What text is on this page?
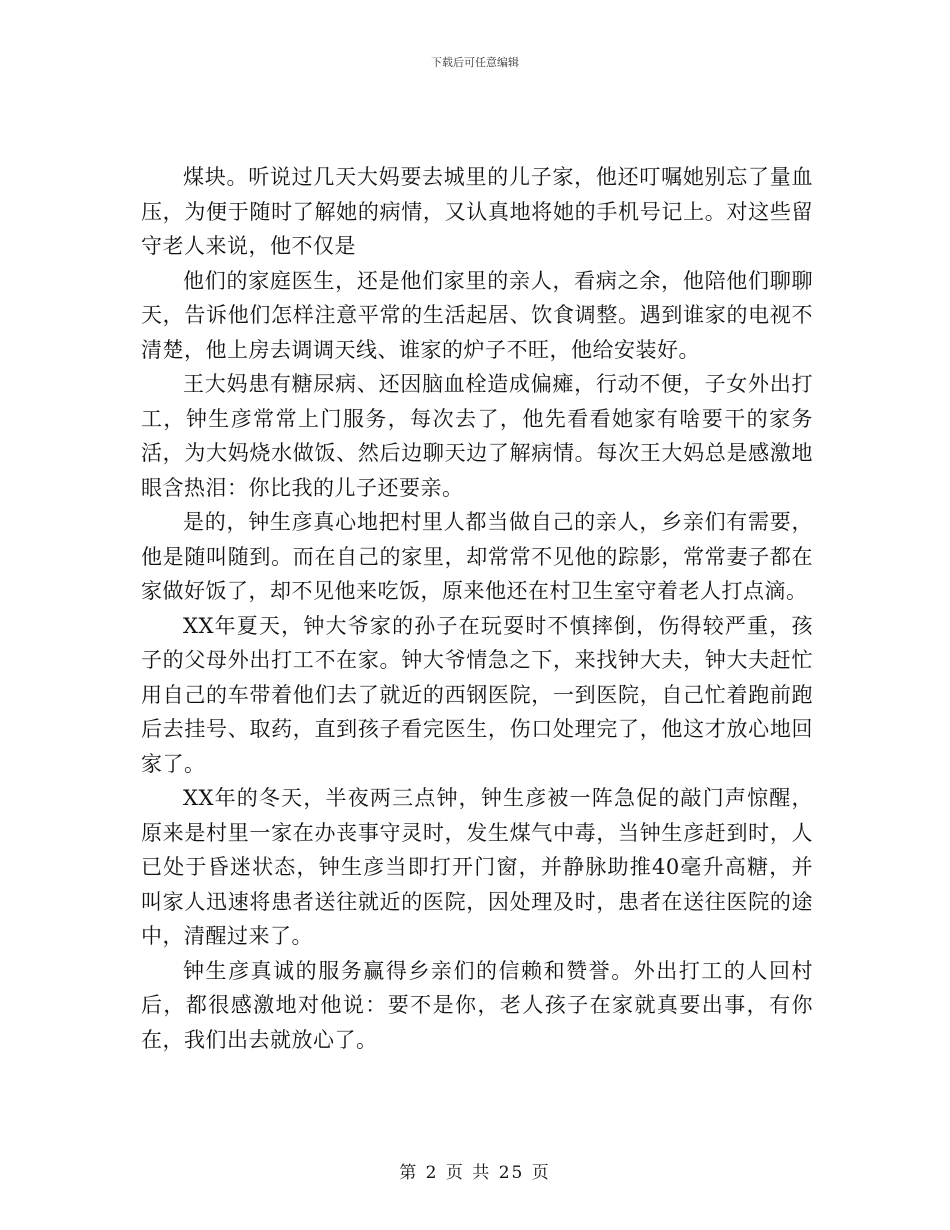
下载后可任意编辑

煤块。听说过几天大妈要去城里的儿子家，他还叮嘱她别忘了量血压，为便于随时了解她的病情，又认真地将她的手机号记上。对这些留守老人来说，他不仅是

他们的家庭医生，还是他们家里的亲人，看病之余，他陪他们聊聊天，告诉他们怎样注意平常的生活起居、饮食调整。遇到谁家的电视不清楚，他上房去调调天线、谁家的炉子不旺，他给安装好。

王大妈患有糖尿病、还因脑血栓造成偏瘫，行动不便，子女外出打工，钟生彦常常上门服务，每次去了，他先看看她家有啥要干的家务活，为大妈烧水做饭、然后边聊天边了解病情。每次王大妈总是感激地眼含热泪：你比我的儿子还要亲。

是的，钟生彦真心地把村里人都当做自己的亲人，乡亲们有需要，他是随叫随到。而在自己的家里，却常常不见他的踪影，常常妻子都在家做好饭了，却不见他来吃饭，原来他还在村卫生室守着老人打点滴。

XX年夏天，钟大爷家的孙子在玩耍时不慎摔倒，伤得较严重，孩子的父母外出打工不在家。钟大爷情急之下，来找钟大夫，钟大夫赶忙用自己的车带着他们去了就近的西钢医院，一到医院，自己忙着跑前跑后去挂号、取药，直到孩子看完医生，伤口处理完了，他这才放心地回家了。

XX年的冬天，半夜两三点钟，钟生彦被一阵急促的敲门声惊醒，原来是村里一家在办丧事守灵时，发生煤气中毒，当钟生彦赶到时，人已处于昏迷状态，钟生彦当即打开门窗，并静脉助推40毫升高糖，并叫家人迅速将患者送往就近的医院，因处理及时，患者在送往医院的途中，清醒过来了。

钟生彦真诚的服务赢得乡亲们的信赖和赞誉。外出打工的人回村后，都很感激地对他说：要不是你，老人孩子在家就真要出事，有你在，我们出去就放心了。

第 2 页 共 25 页
